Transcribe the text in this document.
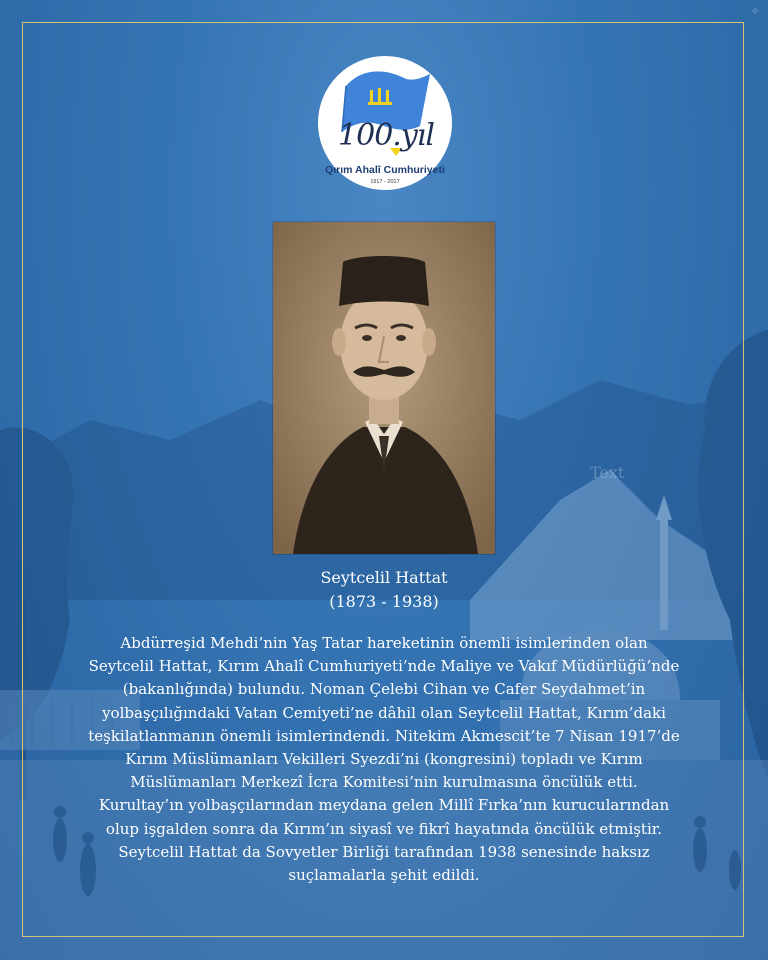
✧
100.yıl
Qırım Ahalî Cumhuriyeti
1917 - 2017
Text
Seytcelil Hattat
(1873 - 1938)
Abdürreşid Mehdi’nin Yaş Tatar hareketinin önemli isimlerinden olan
Seytcelil Hattat, Kırım Ahalî Cumhuriyeti’nde Maliye ve Vakıf Müdürlüğü’nde
(bakanlığında) bulundu. Noman Çelebi Cihan ve Cafer Seydahmet’in
yolbaşçılığındaki Vatan Cemiyeti’ne dâhil olan Seytcelil Hattat, Kırım’daki
teşkilatlanmanın önemli isimlerindendi. Nitekim Akmescit’te 7 Nisan 1917’de
Kırım Müslümanları Vekilleri Syezdi’ni (kongresini) topladı ve Kırım
Müslümanları Merkezî İcra Komitesi’nin kurulmasına öncülük etti.
Kurultay’ın yolbaşçılarından meydana gelen Millî Fırka’nın kurucularından
olup işgalden sonra da Kırım’ın siyasî ve fikrî hayatında öncülük etmiştir.
Seytcelil Hattat da Sovyetler Birliği tarafından 1938 senesinde haksız
suçlamalarla şehit edildi.
